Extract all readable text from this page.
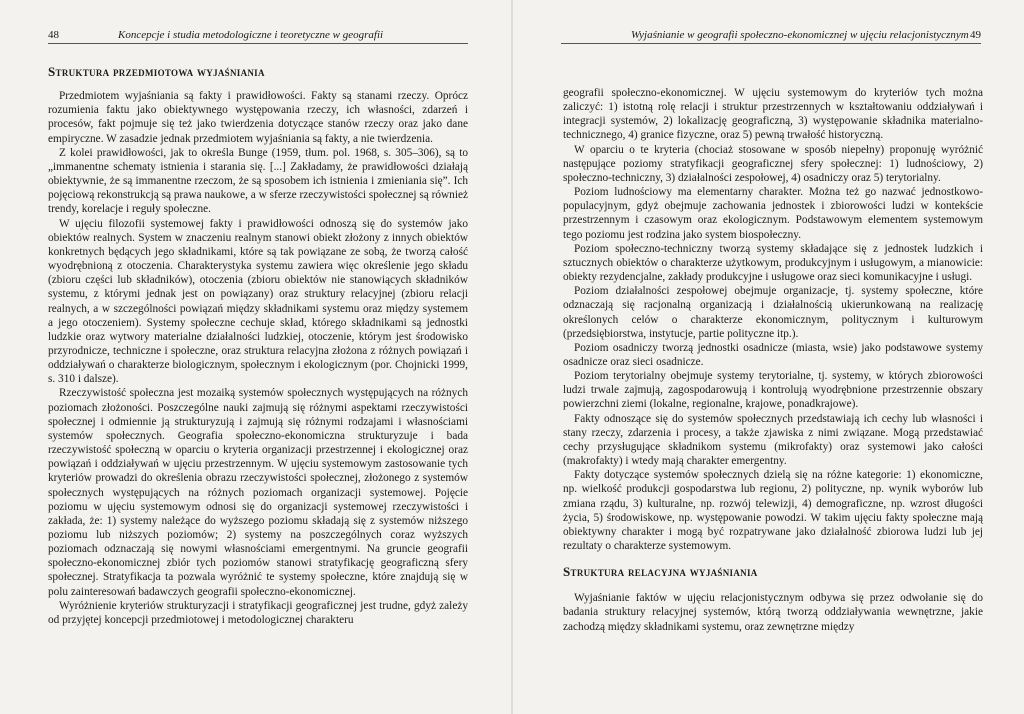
48	Koncepcje i studia metodologiczne i teoretyczne w geografii
Struktura przedmiotowa wyjaśniania

Przedmiotem wyjaśniania są fakty i prawidłowości. Fakty są stanami rzeczy. Oprócz rozumienia faktu jako obiektywnego występowania rzeczy, ich własności, zdarzeń i procesów, fakt pojmuje się też jako twierdzenia dotyczące stanów rzeczy oraz jako dane empiryczne. W zasadzie jednak przedmiotem wyjaśniania są fakty, a nie twierdzenia.

Z kolei prawidłowości, jak to określa Bunge (1959, tłum. pol. 1968, s. 305–306), są to „immanentne schematy istnienia i starania się. [...] Zakładamy, że prawidłowości działają obiektywnie, że są immanentne rzeczom, że są sposobem ich istnienia i zmieniania się”. Ich pojęciową rekonstrukcją są prawa naukowe, a w sferze rzeczywistości społecznej są również trendy, korelacje i reguły społeczne.

W ujęciu filozofii systemowej fakty i prawidłowości odnoszą się do systemów jako obiektów realnych. System w znaczeniu realnym stanowi obiekt złożony z innych obiektów konkretnych będących jego składnikami, które są tak powiązane ze sobą, że tworzą całość wyodrębnioną z otoczenia. Charakterystyka systemu zawiera więc określenie jego składu (zbioru części lub składników), otoczenia (zbioru obiektów nie stanowiących składników systemu, z którymi jednak jest on powiązany) oraz struktury relacyjnej (zbioru relacji realnych, a w szczególności powiązań między składnikami systemu oraz między systemem a jego otoczeniem). Systemy społeczne cechuje skład, którego składnikami są jednostki ludzkie oraz wytwory materialne działalności ludzkiej, otoczenie, którym jest środowisko przyrodnicze, techniczne i społeczne, oraz struktura relacyjna złożona z różnych powiązań i oddziaływań o charakterze biologicznym, społecznym i ekologicznym (por. Chojnicki 1999, s. 310 i dalsze).

Rzeczywistość społeczna jest mozaiką systemów społecznych występujących na różnych poziomach złożoności. Poszczególne nauki zajmują się różnymi aspektami rzeczywistości społecznej i odmiennie ją strukturyzują i zajmują się różnymi rodzajami i własnościami systemów społecznych. Geografia społeczno-ekonomiczna strukturyzuje i bada rzeczywistość społeczną w oparciu o kryteria organizacji przestrzennej i ekologicznej oraz powiązań i oddziaływań w ujęciu przestrzennym. W ujęciu systemowym zastosowanie tych kryteriów prowadzi do określenia obrazu rzeczywistości społecznej, złożonego z systemów społecznych występujących na różnych poziomach organizacji systemowej. Pojęcie poziomu w ujęciu systemowym odnosi się do organizacji systemowej rzeczywistości i zakłada, że: 1) systemy należące do wyższego poziomu składają się z systemów niższego poziomu lub niższych poziomów; 2) systemy na poszczególnych coraz wyższych poziomach odznaczają się nowymi własnościami emergentnymi. Na gruncie geografii społeczno-ekonomicznej zbiór tych poziomów stanowi stratyfikację geograficzną sfery społecznej. Stratyfikacja ta pozwala wyróżnić te systemy społeczne, które znajdują się w polu zainteresowań badawczych geografii społeczno-ekonomicznej.

Wyróżnienie kryteriów strukturyzacji i stratyfikacji geograficznej jest trudne, gdyż zależy od przyjętej koncepcji przedmiotowej i metodologicznej charakteru

Wyjaśnianie w geografii społeczno-ekonomicznej w ujęciu relacjonistycznym 49

geografii społeczno-ekonomicznej. W ujęciu systemowym do kryteriów tych można zaliczyć: 1) istotną rolę relacji i struktur przestrzennych w kształtowaniu oddziaływań i integracji systemów, 2) lokalizację geograficzną, 3) występowanie składnika materialno-technicznego, 4) granice fizyczne, oraz 5) pewną trwałość historyczną.

W oparciu o te kryteria (chociaż stosowane w sposób niepełny) proponuję wyróżnić następujące poziomy stratyfikacji geograficznej sfery społecznej: 1) ludnościowy, 2) społeczno-techniczny, 3) działalności zespołowej, 4) osadniczy oraz 5) terytorialny.

Poziom ludnościowy ma elementarny charakter. Można też go nazwać jednostkowo-populacyjnym, gdyż obejmuje zachowania jednostek i zbiorowości ludzi w kontekście przestrzennym i czasowym oraz ekologicznym. Podstawowym elementem systemowym tego poziomu jest rodzina jako system biospołeczny.

Poziom społeczno-techniczny tworzą systemy składające się z jednostek ludzkich i sztucznych obiektów o charakterze użytkowym, produkcyjnym i usługowym, a mianowicie: obiekty rezydencjalne, zakłady produkcyjne i usługowe oraz sieci komunikacyjne i usługi.

Poziom działalności zespołowej obejmuje organizacje, tj. systemy społeczne, które odznaczają się racjonalną organizacją i działalnością ukierunkowaną na realizację określonych celów o charakterze ekonomicznym, politycznym i kulturowym (przedsiębiorstwa, instytucje, partie polityczne itp.).

Poziom osadniczy tworzą jednostki osadnicze (miasta, wsie) jako podstawowe systemy osadnicze oraz sieci osadnicze.

Poziom terytorialny obejmuje systemy terytorialne, tj. systemy, w których zbiorowości ludzi trwale zajmują, zagospodarowują i kontrolują wyodrębnione przestrzennie obszary powierzchni ziemi (lokalne, regionalne, krajowe, ponadkrajowe).

Fakty odnoszące się do systemów społecznych przedstawiają ich cechy lub własności i stany rzeczy, zdarzenia i procesy, a także zjawiska z nimi związane. Mogą przedstawiać cechy przysługujące składnikom systemu (mikrofakty) oraz systemowi jako całości (makrofakty) i wtedy mają charakter emergentny.

Fakty dotyczące systemów społecznych dzielą się na różne kategorie: 1) ekonomiczne, np. wielkość produkcji gospodarstwa lub regionu, 2) polityczne, np. wynik wyborów lub zmiana rządu, 3) kulturalne, np. rozwój telewizji, 4) demograficzne, np. wzrost długości życia, 5) środowiskowe, np. występowanie powodzi. W takim ujęciu fakty społeczne mają obiektywny charakter i mogą być rozpatrywane jako działalność zbiorowa ludzi lub jej rezultaty o charakterze systemowym.

Struktura relacyjna wyjaśniania

Wyjaśnianie faktów w ujęciu relacjonistycznym odbywa się przez odwołanie się do badania struktury relacyjnej systemów, którą tworzą oddziaływania wewnętrzne, jakie zachodzą między składnikami systemu, oraz zewnętrzne między
